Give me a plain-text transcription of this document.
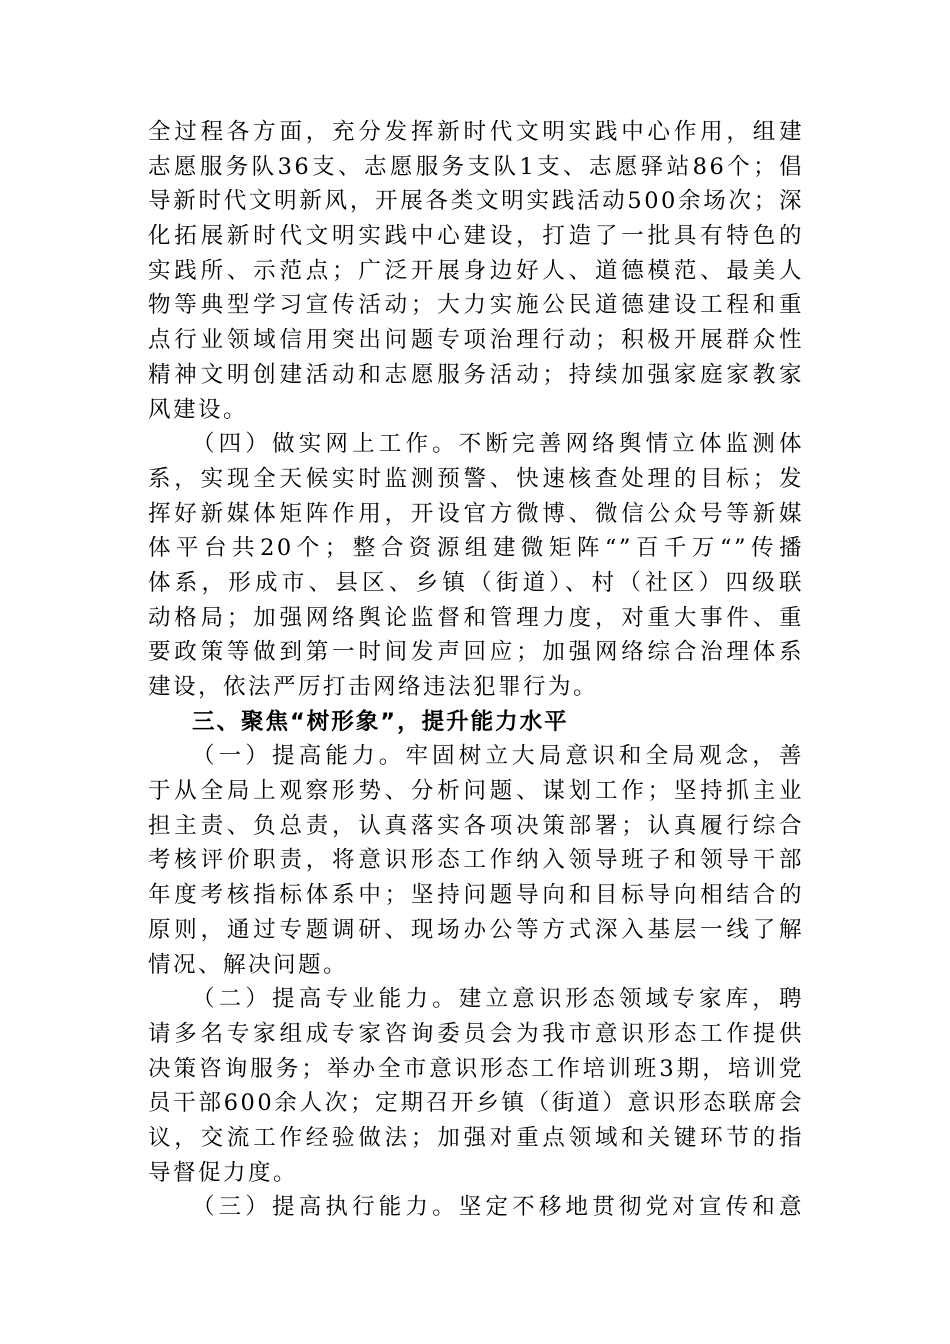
全过程各方面，充分发挥新时代文明实践中心作用，组建
志愿服务队36支、志愿服务支队1支、志愿驿站86个；倡
导新时代文明新风，开展各类文明实践活动500余场次；深
化拓展新时代文明实践中心建设，打造了一批具有特色的
实践所、示范点；广泛开展身边好人、道德模范、最美人
物等典型学习宣传活动；大力实施公民道德建设工程和重
点行业领域信用突出问题专项治理行动；积极开展群众性
精神文明创建活动和志愿服务活动；持续加强家庭家教家
风建设。
（四）做实网上工作。不断完善网络舆情立体监测体
系，实现全天候实时监测预警、快速核查处理的目标；发
挥好新媒体矩阵作用，开设官方微博、微信公众号等新媒
体平台共20个；整合资源组建微矩阵“”百千万“”传播
体系，形成市、县区、乡镇（街道）、村（社区）四级联
动格局；加强网络舆论监督和管理力度，对重大事件、重
要政策等做到第一时间发声回应；加强网络综合治理体系
建设，依法严厉打击网络违法犯罪行为。
三、聚焦“树形象”，提升能力水平
（一）提高能力。牢固树立大局意识和全局观念，善
于从全局上观察形势、分析问题、谋划工作；坚持抓主业
担主责、负总责，认真落实各项决策部署；认真履行综合
考核评价职责，将意识形态工作纳入领导班子和领导干部
年度考核指标体系中；坚持问题导向和目标导向相结合的
原则，通过专题调研、现场办公等方式深入基层一线了解
情况、解决问题。
（二）提高专业能力。建立意识形态领域专家库，聘
请多名专家组成专家咨询委员会为我市意识形态工作提供
决策咨询服务；举办全市意识形态工作培训班3期，培训党
员干部600余人次；定期召开乡镇（街道）意识形态联席会
议，交流工作经验做法；加强对重点领域和关键环节的指
导督促力度。
（三）提高执行能力。坚定不移地贯彻党对宣传和意
